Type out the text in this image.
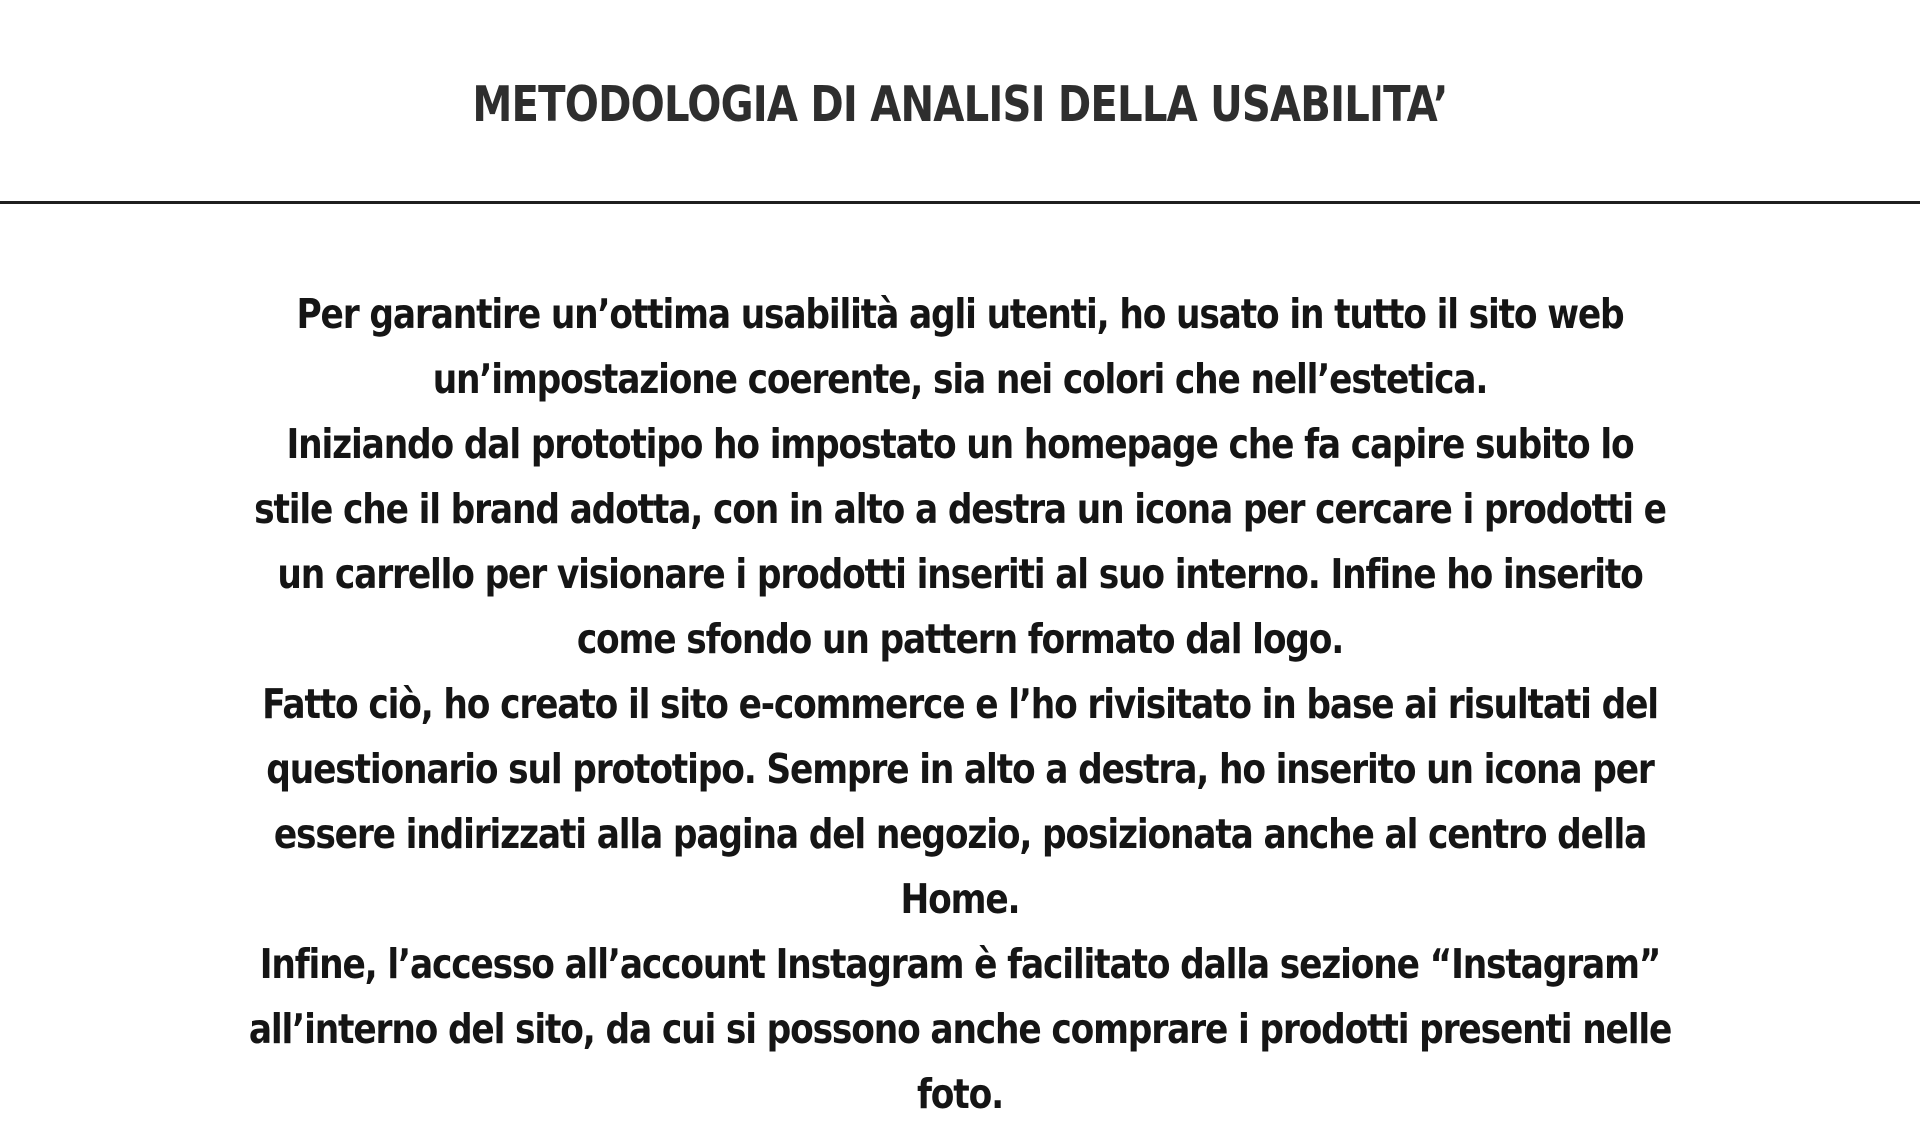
METODOLOGIA DI ANALISI DELLA USABILITA’

Per garantire un’ottima usabilità agli utenti, ho usato in tutto il sito web un’impostazione coerente, sia nei colori che nell’estetica.

Iniziando dal prototipo ho impostato un homepage che fa capire subito lo stile che il brand adotta, con in alto a destra un icona per cercare i prodotti e un carrello per visionare i prodotti inseriti al suo interno. Infine ho inserito come sfondo un pattern formato dal logo.

Fatto ciò, ho creato il sito e-commerce e l’ho rivisitato in base ai risultati del questionario sul prototipo. Sempre in alto a destra, ho inserito un icona per essere indirizzati alla pagina del negozio, posizionata anche al centro della Home.

Infine, l’accesso all’account Instagram è facilitato dalla sezione “Instagram” all’interno del sito, da cui si possono anche comprare i prodotti presenti nelle foto.
